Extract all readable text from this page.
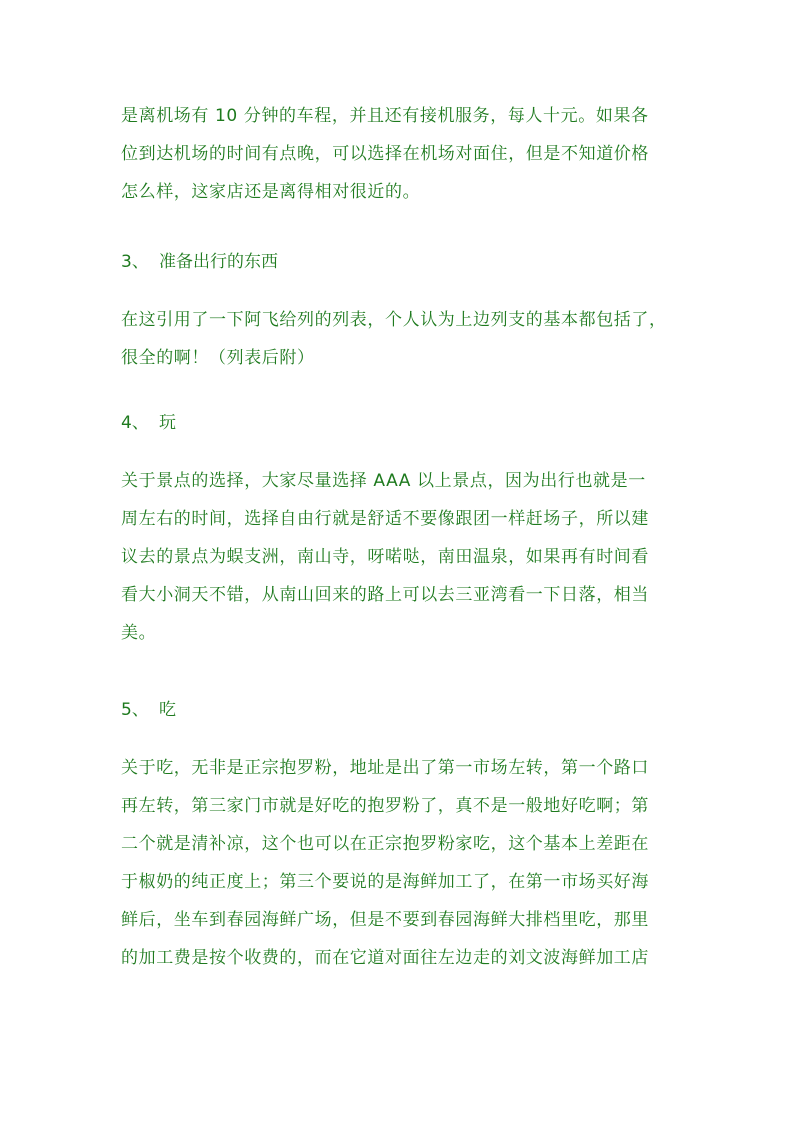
是离机场有 10 分钟的车程，并且还有接机服务，每人十元。如果各
位到达机场的时间有点晚，可以选择在机场对面住，但是不知道价格
怎么样，这家店还是离得相对很近的。
3、 准备出行的东西
在这引用了一下阿飞给列的列表，个人认为上边列支的基本都包括了，
很全的啊！（列表后附）
4、 玩
关于景点的选择，大家尽量选择 AAA 以上景点，因为出行也就是一
周左右的时间，选择自由行就是舒适不要像跟团一样赶场子，所以建
议去的景点为蜈支洲，南山寺，呀喏哒，南田温泉，如果再有时间看
看大小洞天不错，从南山回来的路上可以去三亚湾看一下日落，相当
美。
5、 吃
关于吃，无非是正宗抱罗粉，地址是出了第一市场左转，第一个路口
再左转，第三家门市就是好吃的抱罗粉了，真不是一般地好吃啊；第
二个就是清补凉，这个也可以在正宗抱罗粉家吃，这个基本上差距在
于椒奶的纯正度上；第三个要说的是海鲜加工了，在第一市场买好海
鲜后，坐车到春园海鲜广场，但是不要到春园海鲜大排档里吃，那里
的加工费是按个收费的，而在它道对面往左边走的刘文波海鲜加工店
